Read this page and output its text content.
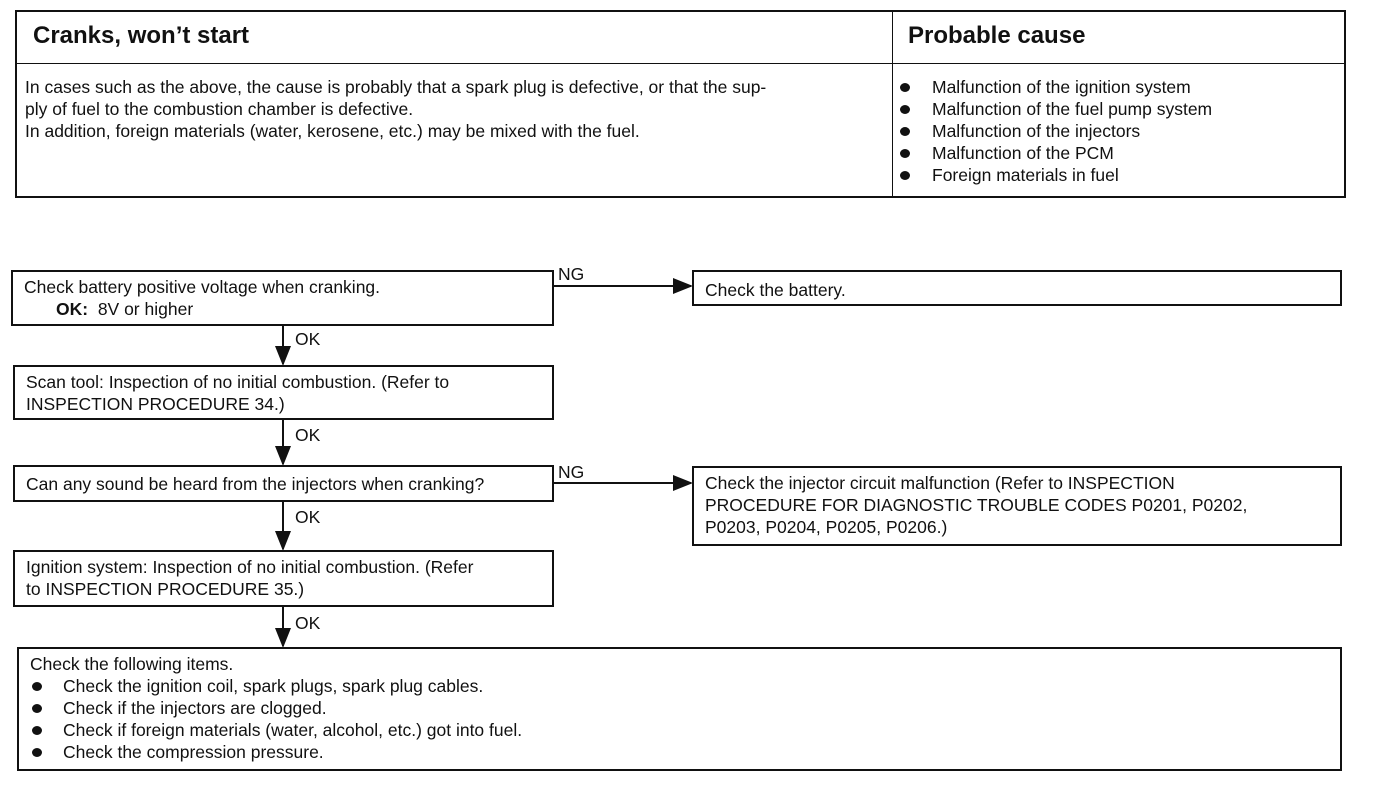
Cranks, won’t start	Probable cause

In cases such as the above, the cause is probably that a spark plug is defective, or that the sup-

ply of fuel to the combustion chamber is defective.

In addition, foreign materials (water, kerosene, etc.) may be mixed with the fuel.

Malfunction of the ignition system
Malfunction of the fuel pump system
Malfunction of the injectors
Malfunction of the PCM
Foreign materials in fuel

Check battery positive voltage when cranking.

OK: 8V or higher

Check the battery.

Scan tool: Inspection of no initial combustion. (Refer to

INSPECTION PROCEDURE 34.)

Can any sound be heard from the injectors when cranking?	Check the injector circuit malfunction (Refer to INSPECTION

PROCEDURE FOR DIAGNOSTIC TROUBLE CODES P0201, P0202,

P0203, P0204, P0205, P0206.)

Ignition system: Inspection of no initial combustion. (Refer

to INSPECTION PROCEDURE 35.)

Check the following items.

Check the ignition coil, spark plugs, spark plug cables.
Check if the injectors are clogged.
Check if foreign materials (water, alcohol, etc.) got into fuel.
Check the compression pressure.
NG
OK
OK
NG
OK
OK
